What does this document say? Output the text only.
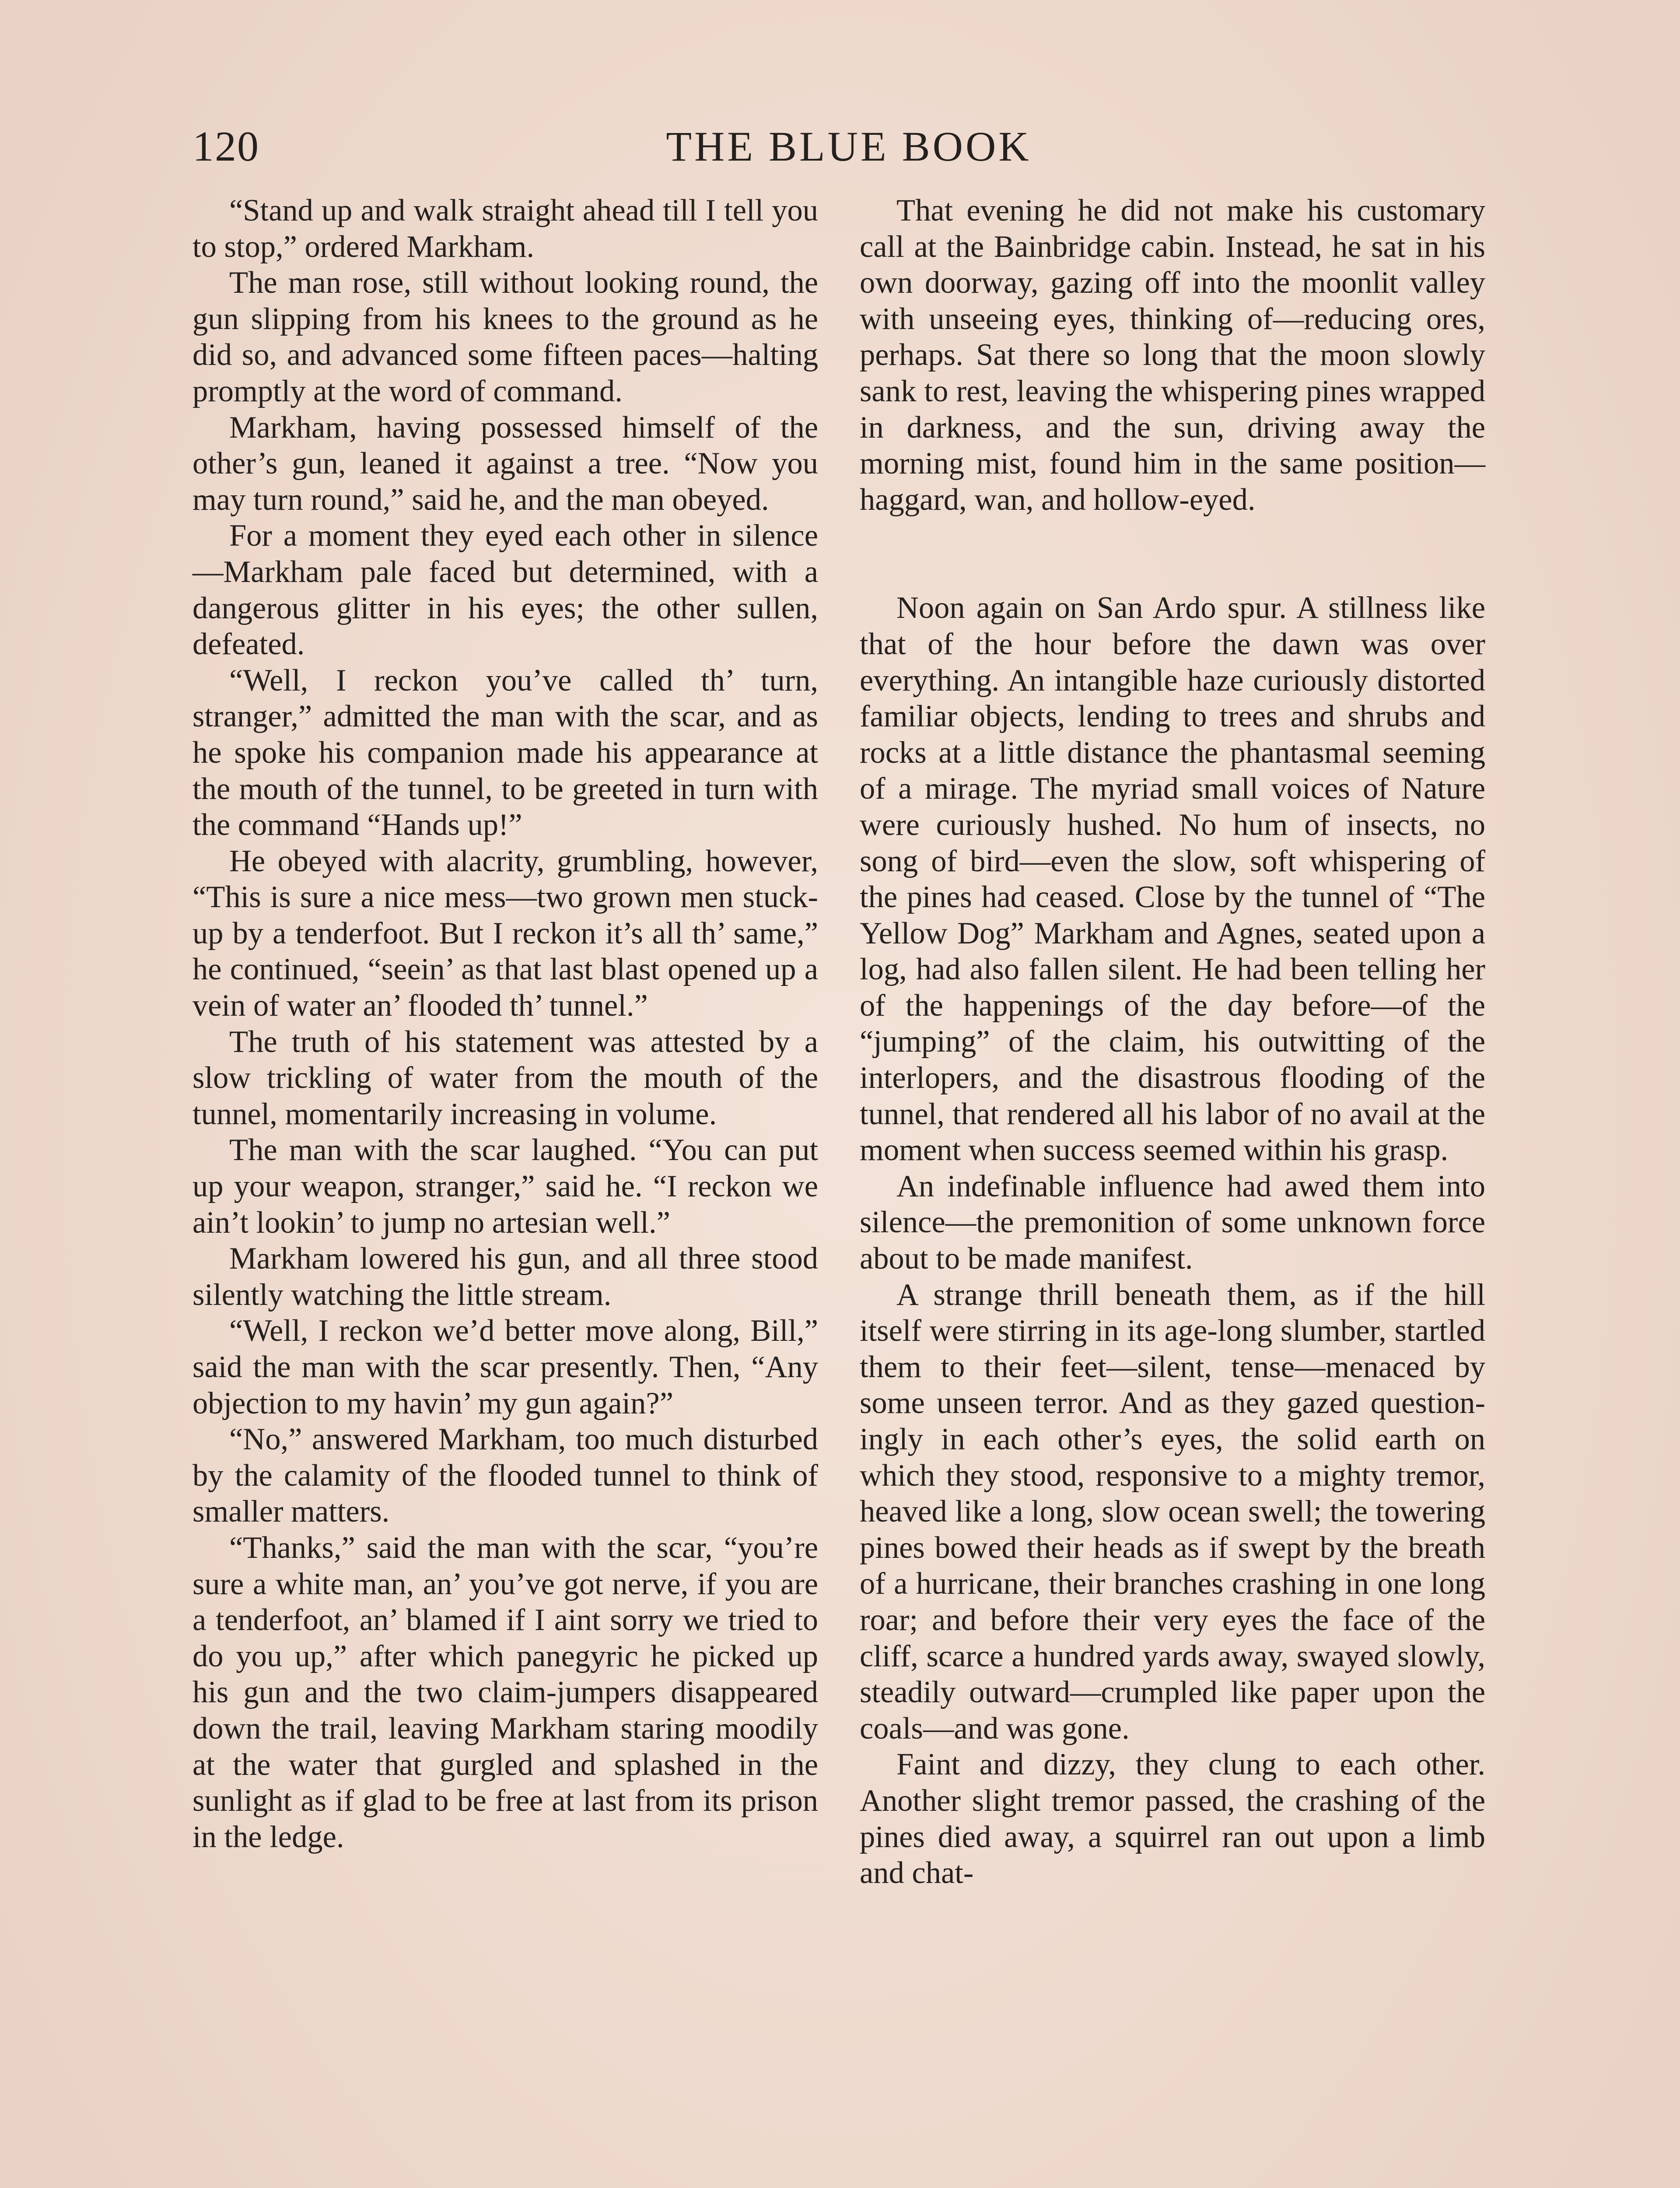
120	THE BLUE BOOK

“Stand up and walk straight ahead till I tell you to stop,” ordered Markham.

The man rose, still without looking round, the gun slipping from his knees to the ground as he did so, and advanced some fifteen paces—halting promptly at the word of command.

Markham, having possessed himself of the other’s gun, leaned it against a tree. “Now you may turn round,” said he, and the man obeyed.

For a moment they eyed each other in silence—Markham pale faced but determined, with a dangerous glitter in his eyes; the other sullen, defeated.

“Well, I reckon you’ve called th’ turn, stranger,” admitted the man with the scar, and as he spoke his companion made his appearance at the mouth of the tunnel, to be greeted in turn with the command “Hands up!”

He obeyed with alacrity, grumbling, however, “This is sure a nice mess—two grown men stuck-up by a tenderfoot. But I reckon it’s all th’ same,” he continued, “seein’ as that last blast opened up a vein of water an’ flooded th’ tunnel.”

The truth of his statement was attested by a slow trickling of water from the mouth of the tunnel, momentarily increasing in volume.

The man with the scar laughed. “You can put up your weapon, stranger,” said he. “I reckon we ain’t lookin’ to jump no artesian well.”

Markham lowered his gun, and all three stood silently watching the little stream.

“Well, I reckon we’d better move along, Bill,” said the man with the scar presently. Then, “Any objection to my havin’ my gun again?”

“No,” answered Markham, too much disturbed by the calamity of the flooded tunnel to think of smaller matters.

“Thanks,” said the man with the scar, “you’re sure a white man, an’ you’ve got nerve, if you are a tenderfoot, an’ blamed if I aint sorry we tried to do you up,” after which panegyric he picked up his gun and the two claim-jumpers disappeared down the trail, leaving Markham staring moodily at the water that gurgled and splashed in the sunlight as if glad to be free at last from its prison in the ledge.

That evening he did not make his customary call at the Bainbridge cabin. Instead, he sat in his own doorway, gazing off into the moonlit valley with unseeing eyes, thinking of—reducing ores, perhaps. Sat there so long that the moon slowly sank to rest, leaving the whispering pines wrapped in darkness, and the sun, driving away the morning mist, found him in the same position—haggard, wan, and hollow-eyed.

Noon again on San Ardo spur. A stillness like that of the hour before the dawn was over everything. An intangible haze curiously distorted familiar objects, lending to trees and shrubs and rocks at a little distance the phantasmal seeming of a mirage. The myriad small voices of Nature were curiously hushed. No hum of insects, no song of bird—even the slow, soft whispering of the pines had ceased. Close by the tunnel of “The Yellow Dog” Markham and Agnes, seated upon a log, had also fallen silent. He had been telling her of the happenings of the day before—of the “jumping” of the claim, his outwitting of the interlopers, and the disastrous flooding of the tunnel, that rendered all his labor of no avail at the moment when success seemed within his grasp.

An indefinable influence had awed them into silence—the premonition of some unknown force about to be made manifest.

A strange thrill beneath them, as if the hill itself were stirring in its age-long slumber, startled them to their feet—silent, tense—menaced by some unseen terror. And as they gazed questioningly in each other’s eyes, the solid earth on which they stood, responsive to a mighty tremor, heaved like a long, slow ocean swell; the towering pines bowed their heads as if swept by the breath of a hurricane, their branches crashing in one long roar; and before their very eyes the face of the cliff, scarce a hundred yards away, swayed slowly, steadily outward—crumpled like paper upon the coals—and was gone.

Faint and dizzy, they clung to each other. Another slight tremor passed, the crashing of the pines died away, a squirrel ran out upon a limb and chat-
